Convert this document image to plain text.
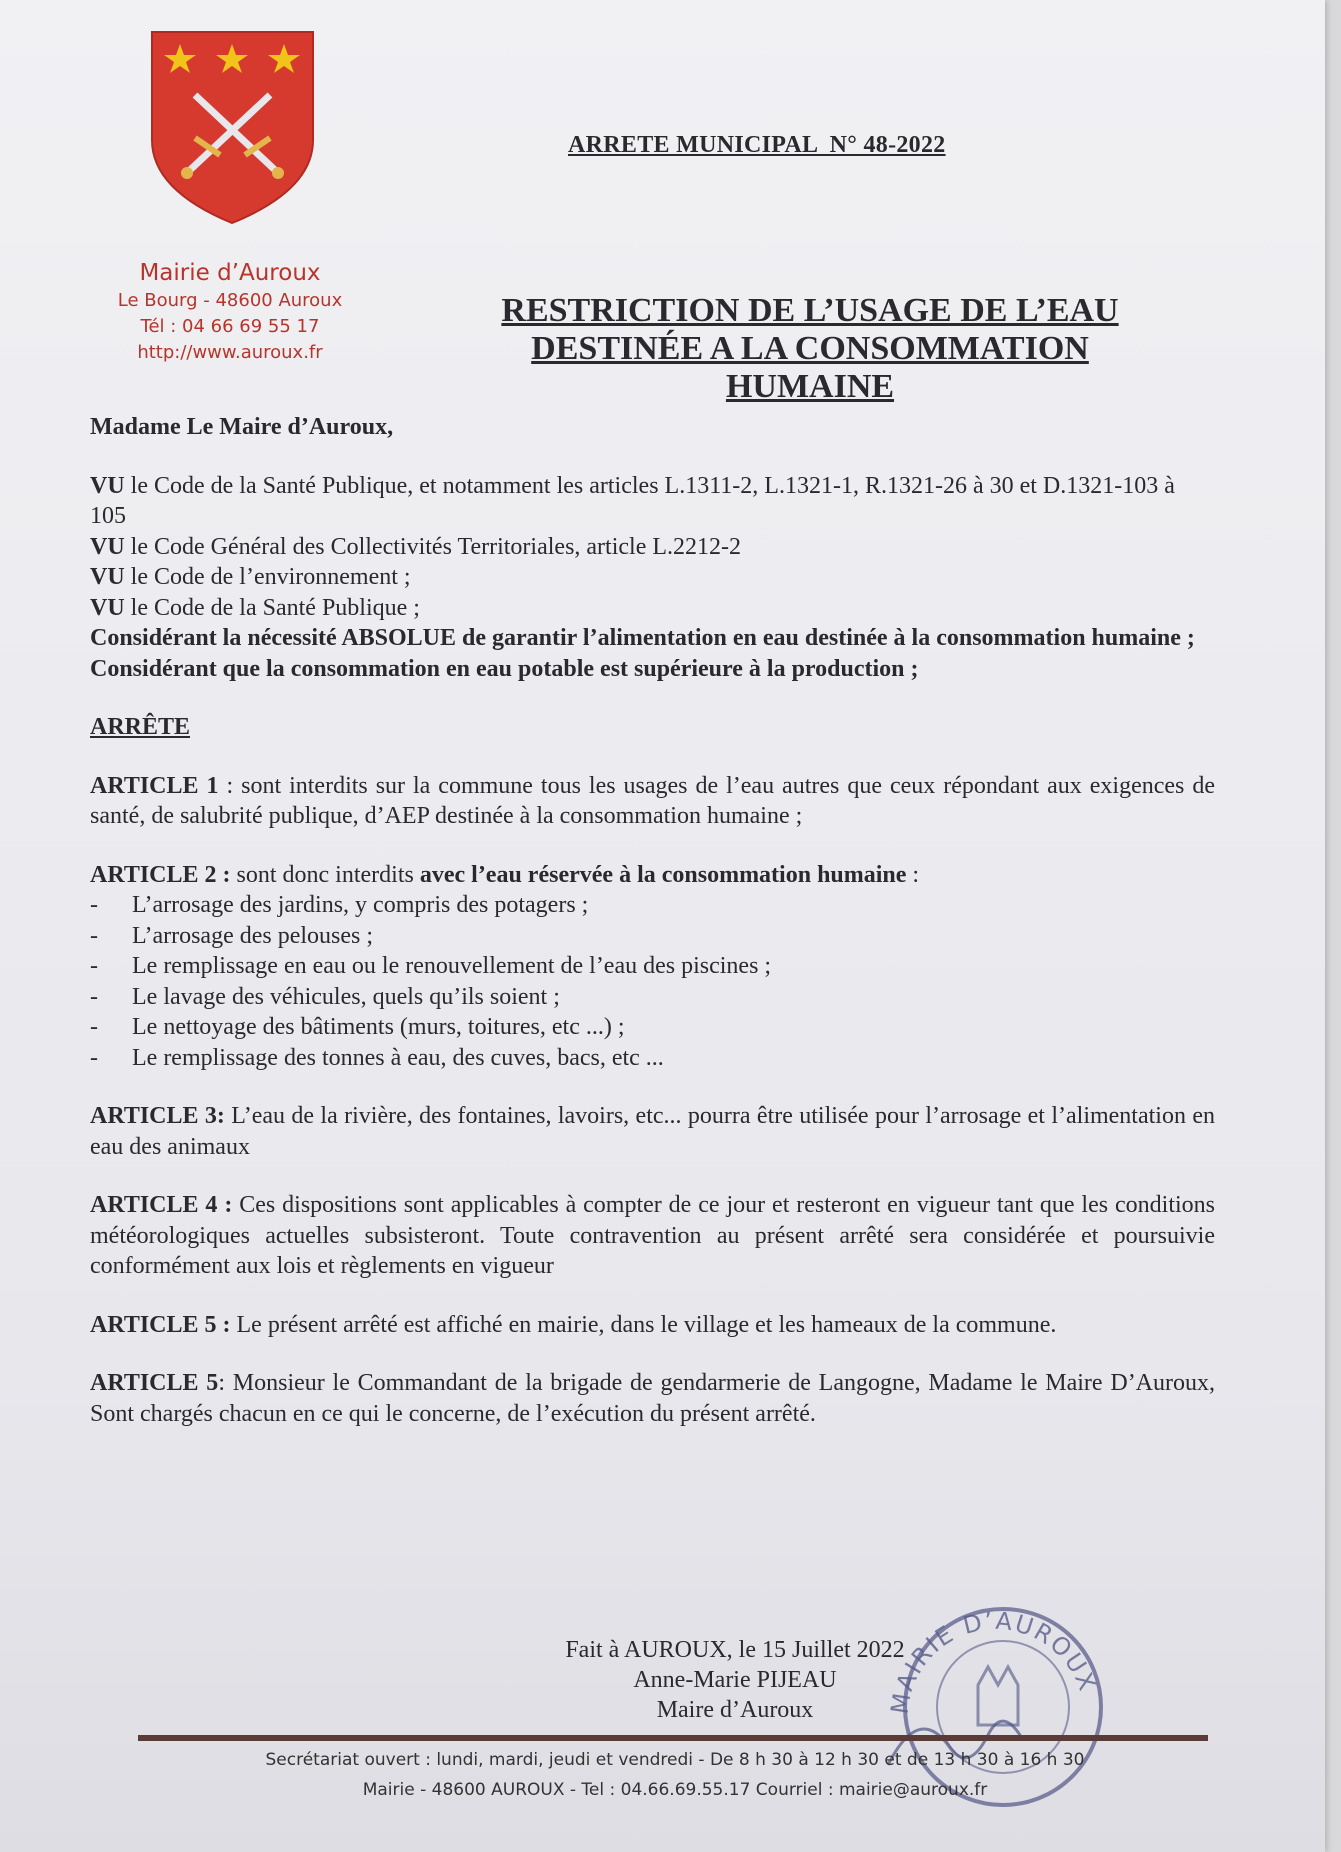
Mairie d’Auroux
Le Bourg - 48600 Auroux
Tél : 04 66 69 55 17
http://www.auroux.fr
ARRETE MUNICIPAL  N° 48-2022
RESTRICTION DE L’USAGE DE L’EAU
DESTINÉE A LA CONSOMMATION
HUMAINE

Madame Le Maire d’Auroux,

VU le Code de la Santé Publique, et notamment les articles L.1311-2, L.1321-1, R.1321-26 à 30 et D.1321-103 à 105

VU le Code Général des Collectivités Territoriales, article L.2212-2

VU le Code de l’environnement ;

VU le Code de la Santé Publique ;

Considérant la nécessité ABSOLUE de garantir l’alimentation en eau destinée à la consommation humaine ;

Considérant que la consommation en eau potable est supérieure à la production ;

ARRÊTE

ARTICLE 1 : sont interdits sur la commune tous les usages de l’eau autres que ceux répondant aux exigences de santé, de salubrité publique, d’AEP destinée à la consommation humaine ;

ARTICLE 2 : sont donc interdits avec l’eau réservée à la consommation humaine :

-	L’arrosage des jardins, y compris des potagers ;
-	L’arrosage des pelouses ;
-	Le remplissage en eau ou le renouvellement de l’eau des piscines ;
-	Le lavage des véhicules, quels qu’ils soient ;
-	Le nettoyage des bâtiments (murs, toitures, etc ...) ;
-	Le remplissage des tonnes à eau, des cuves, bacs, etc ...

ARTICLE 3: L’eau de la rivière, des fontaines, lavoirs, etc... pourra être utilisée pour l’arrosage et l’alimentation en eau des animaux

ARTICLE 4 : Ces dispositions sont applicables à compter de ce jour et resteront en vigueur tant que les conditions météorologiques actuelles subsisteront. Toute contravention au présent arrêté sera considérée et poursuivie conformément aux lois et règlements en vigueur

ARTICLE 5 : Le présent arrêté est affiché en mairie, dans le village et les hameaux de la commune.

ARTICLE 5: Monsieur le Commandant de la brigade de gendarmerie de Langogne, Madame le Maire D’Auroux, Sont chargés chacun en ce qui le concerne, de l’exécution du présent arrêté.

Fait à AUROUX, le 15 Juillet 2022
Anne-Marie PIJEAU
Maire d’Auroux	MAIRIE D’AUROUX
Secrétariat ouvert : lundi, mardi, jeudi et vendredi - De 8 h 30 à 12 h 30 et de 13 h 30 à 16 h 30
Mairie - 48600 AUROUX - Tel : 04.66.69.55.17 Courriel : mairie@auroux.fr
